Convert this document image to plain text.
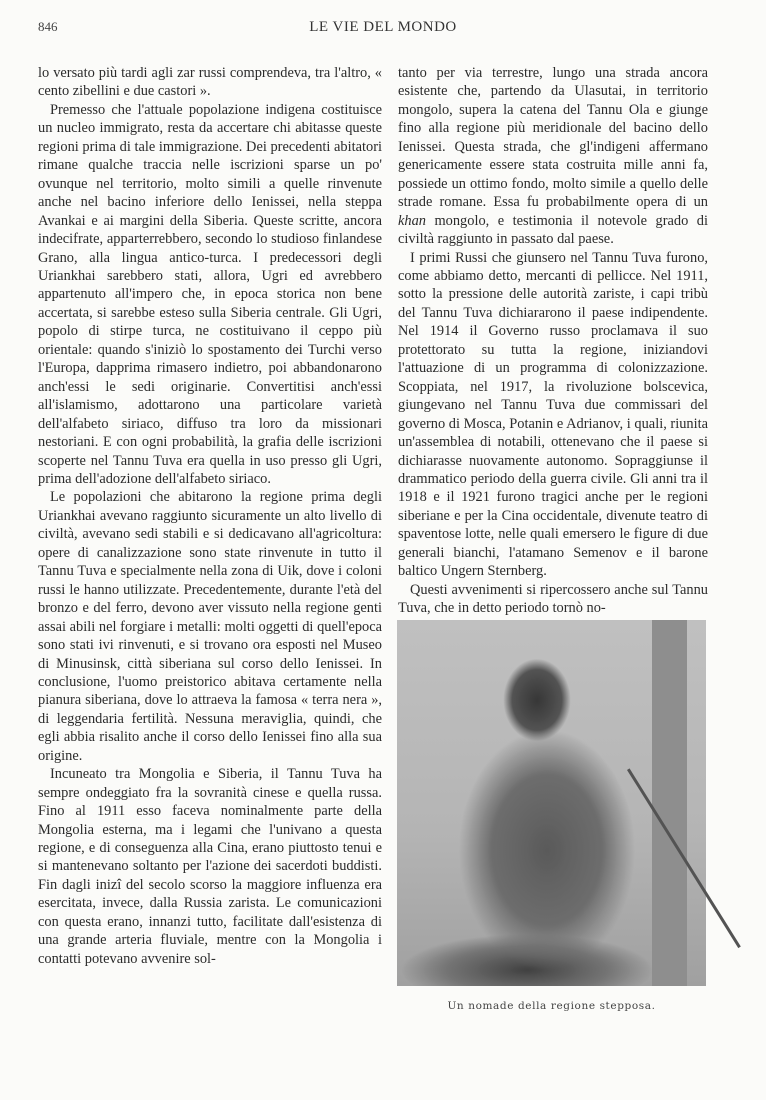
846	LE VIE DEL MONDO

lo versato più tardi agli zar russi comprendeva, tra l'altro, « cento zibellini e due castori ».

Premesso che l'attuale popolazione indigena costituisce un nucleo immigrato, resta da accertare chi abitasse queste regioni prima di tale immigrazione. Dei precedenti abitatori rimane qualche traccia nelle iscrizioni sparse un po' ovunque nel territorio, molto simili a quelle rinvenute anche nel bacino inferiore dello Ienissei, nella steppa Avankai e ai margini della Siberia. Queste scritte, ancora indecifrate, apparterrebbero, secondo lo studioso finlandese Grano, alla lingua antico-turca. I predecessori degli Uriankhai sarebbero stati, allora, Ugri ed avrebbero appartenuto all'impero che, in epoca storica non bene accertata, si sarebbe esteso sulla Siberia centrale. Gli Ugri, popolo di stirpe turca, ne costituivano il ceppo più orientale: quando s'iniziò lo spostamento dei Turchi verso l'Europa, dapprima rimasero indietro, poi abbandonarono anch'essi le sedi originarie. Convertitisi anch'essi all'islamismo, adottarono una particolare varietà dell'alfabeto siriaco, diffuso tra loro da missionari nestoriani. E con ogni probabilità, la grafia delle iscrizioni scoperte nel Tannu Tuva era quella in uso presso gli Ugri, prima dell'adozione dell'alfabeto siriaco.

Le popolazioni che abitarono la regione prima degli Uriankhai avevano raggiunto sicuramente un alto livello di civiltà, avevano sedi stabili e si dedicavano all'agricoltura: opere di canalizzazione sono state rinvenute in tutto il Tannu Tuva e specialmente nella zona di Uik, dove i coloni russi le hanno utilizzate. Precedentemente, durante l'età del bronzo e del ferro, devono aver vissuto nella regione genti assai abili nel forgiare i metalli: molti oggetti di quell'epoca sono stati ivi rinvenuti, e si trovano ora esposti nel Museo di Minusinsk, città siberiana sul corso dello Ienissei. In conclusione, l'uomo preistorico abitava certamente nella pianura siberiana, dove lo attraeva la famosa « terra nera », di leggendaria fertilità. Nessuna meraviglia, quindi, che egli abbia risalito anche il corso dello Ienissei fino alla sua origine.

Incuneato tra Mongolia e Siberia, il Tannu Tuva ha sempre ondeggiato fra la sovranità cinese e quella russa. Fino al 1911 esso faceva nominalmente parte della Mongolia esterna, ma i legami che l'univano a questa regione, e di conseguenza alla Cina, erano piuttosto tenui e si mantenevano soltanto per l'azione dei sacerdoti buddisti. Fin dagli inizî del secolo scorso la maggiore influenza era esercitata, invece, dalla Russia zarista. Le comunicazioni con questa erano, innanzi tutto, facilitate dall'esistenza di una grande arteria fluviale, mentre con la Mongolia i contatti potevano avvenire sol-

tanto per via terrestre, lungo una strada ancora esistente che, partendo da Ulasutai, in territorio mongolo, supera la catena del Tannu Ola e giunge fino alla regione più meridionale del bacino dello Ienissei. Questa strada, che gl'indigeni affermano genericamente essere stata costruita mille anni fa, possiede un ottimo fondo, molto simile a quello delle strade romane. Essa fu probabilmente opera di un khan mongolo, e testimonia il notevole grado di civiltà raggiunto in passato dal paese.

I primi Russi che giunsero nel Tannu Tuva furono, come abbiamo detto, mercanti di pellicce. Nel 1911, sotto la pressione delle autorità zariste, i capi tribù del Tannu Tuva dichiararono il paese indipendente. Nel 1914 il Governo russo proclamava il suo protettorato su tutta la regione, iniziandovi l'attuazione di un programma di colonizzazione. Scoppiata, nel 1917, la rivoluzione bolscevica, giungevano nel Tannu Tuva due commissari del governo di Mosca, Potanin e Adrianov, i quali, riunita un'assemblea di notabili, ottenevano che il paese si dichiarasse nuovamente autonomo. Sopraggiunse il drammatico periodo della guerra civile. Gli anni tra il 1918 e il 1921 furono tragici anche per le regioni siberiane e per la Cina occidentale, divenute teatro di spaventose lotte, nelle quali emersero le figure di due generali bianchi, l'atamano Semenov e il barone baltico Ungern Sternberg.

Questi avvenimenti si ripercossero anche sul Tannu Tuva, che in detto periodo tornò no-

Un nomade della regione stepposa.
